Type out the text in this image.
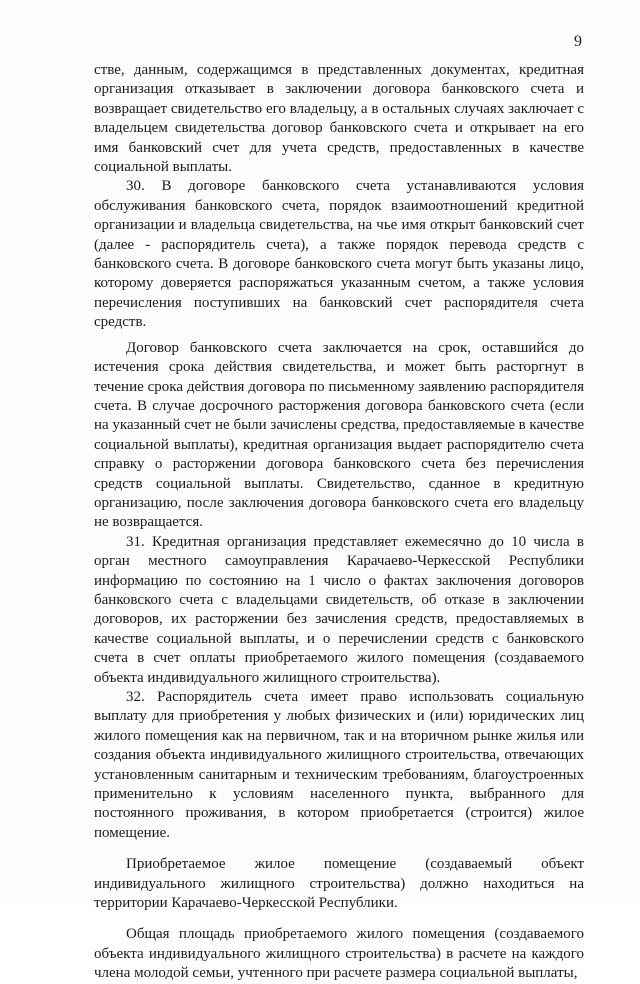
9

стве, данным, содержащимся в представленных документах, кредитная организация отказывает в заключении договора банковского счета и возвращает свидетельство его владельцу, а в остальных случаях заключает с владельцем свидетельства договор банковского счета и открывает на его имя банковский счет для учета средств, предоставленных в качестве социальной выплаты.

30. В договоре банковского счета устанавливаются условия обслуживания банковского счета, порядок взаимоотношений кредитной организации и владельца свидетельства, на чье имя открыт банковский счет (далее - распорядитель счета), а также порядок перевода средств с банковского счета. В договоре банковского счета могут быть указаны лицо, которому доверяется распоряжаться указанным счетом, а также условия перечисления поступивших на банковский счет распорядителя счета средств.

Договор банковского счета заключается на срок, оставшийся до истечения срока действия свидетельства, и может быть расторгнут в течение срока действия договора по письменному заявлению распорядителя счета. В случае досрочного расторжения договора банковского счета (если на указанный счет не были зачислены средства, предоставляемые в качестве социальной выплаты), кредитная организация выдает распорядителю счета справку о расторжении договора банковского счета без перечисления средств социальной выплаты. Свидетельство, сданное в кредитную организацию, после заключения договора банковского счета его владельцу не возвращается.

31. Кредитная организация представляет ежемесячно до 10 числа в орган местного самоуправления Карачаево-Черкесской Республики информацию по состоянию на 1 число о фактах заключения договоров банковского счета с владельцами свидетельств, об отказе в заключении договоров, их расторжении без зачисления средств, предоставляемых в качестве социальной выплаты, и о перечислении средств с банковского счета в счет оплаты приобретаемого жилого помещения (создаваемого объекта индивидуального жилищного строительства).

32. Распорядитель счета имеет право использовать социальную выплату для приобретения у любых физических и (или) юридических лиц жилого помещения как на первичном, так и на вторичном рынке жилья или создания объекта индивидуального жилищного строительства, отвечающих установленным санитарным и техническим требованиям, благоустроенных применительно к условиям населенного пункта, выбранного для постоянного проживания, в котором приобретается (строится) жилое помещение.

Приобретаемое жилое помещение (создаваемый объект индивидуального жилищного строительства) должно находиться на территории Карачаево-Черкесской Республики.

Общая площадь приобретаемого жилого помещения (создаваемого объекта индивидуального жилищного строительства) в расчете на каждого члена молодой семьи, учтенного при расчете размера социальной выплаты,
